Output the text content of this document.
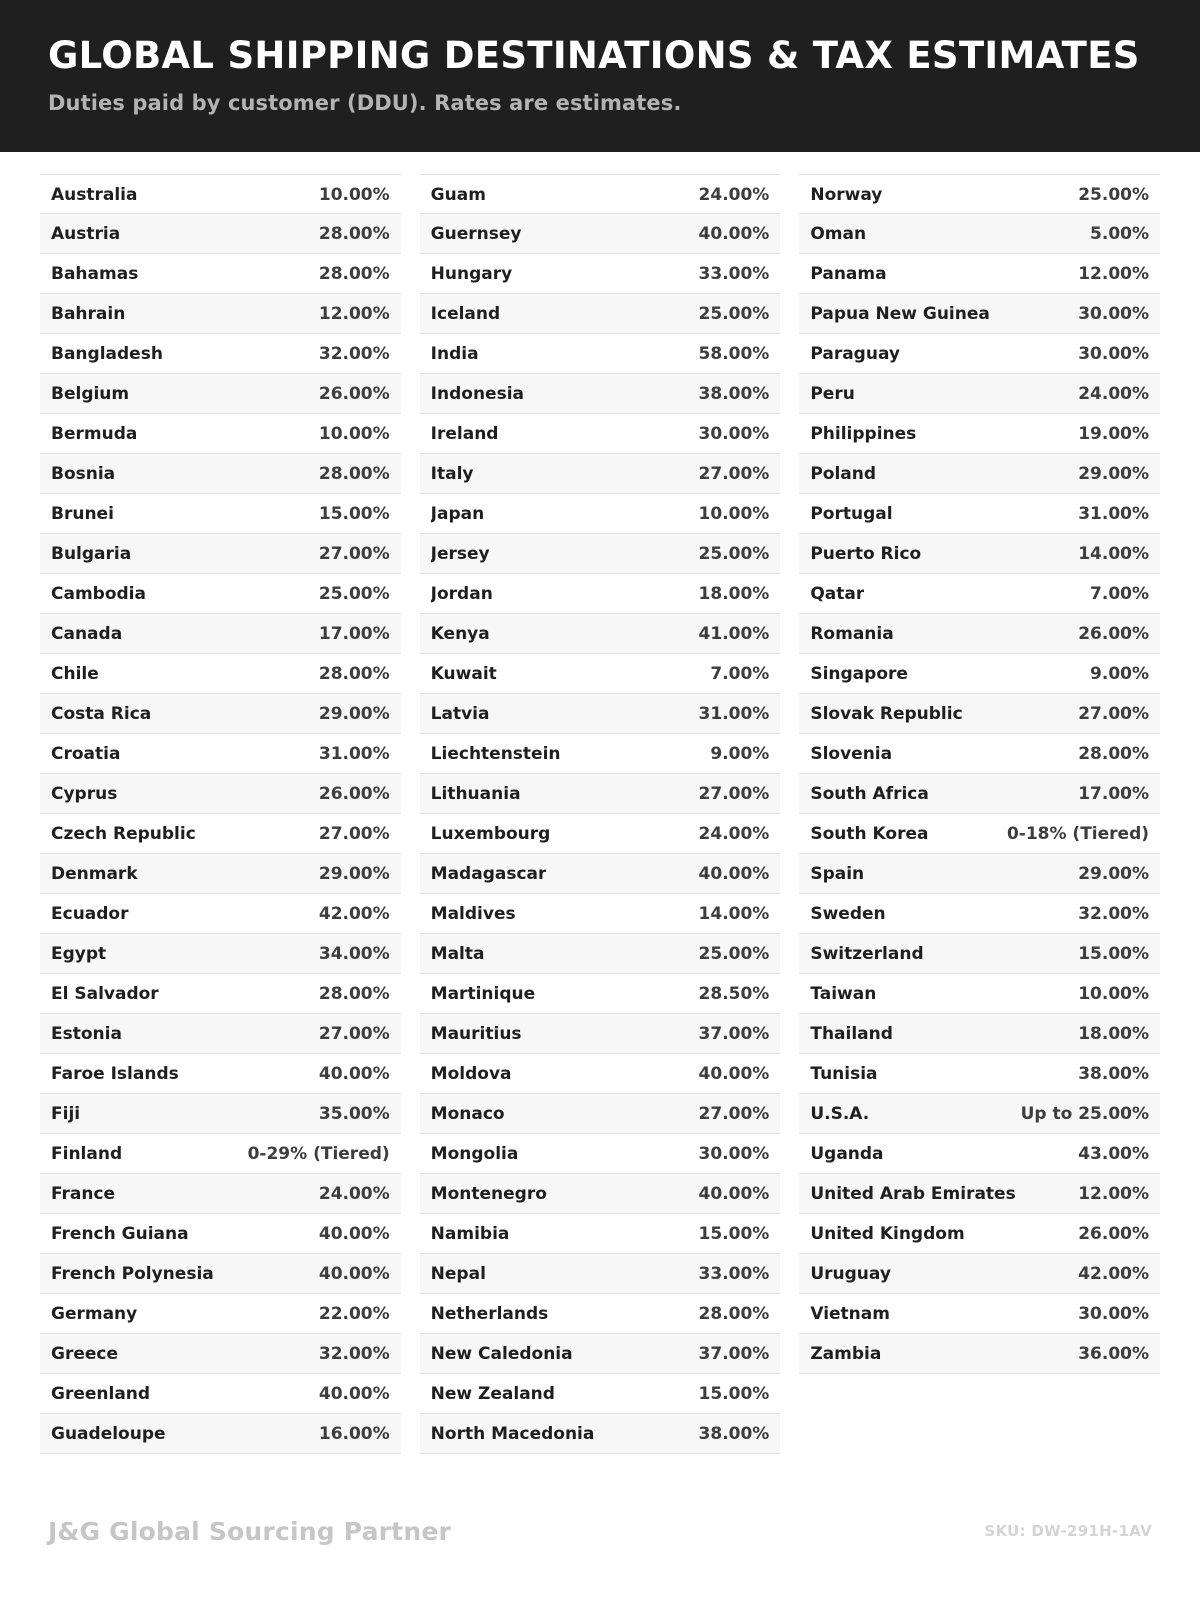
GLOBAL SHIPPING DESTINATIONS & TAX ESTIMATES
Duties paid by customer (DDU). Rates are estimates.
Australia	10.00%
Austria	28.00%
Bahamas	28.00%
Bahrain	12.00%
Bangladesh	32.00%
Belgium	26.00%
Bermuda	10.00%
Bosnia	28.00%
Brunei	15.00%
Bulgaria	27.00%
Cambodia	25.00%
Canada	17.00%
Chile	28.00%
Costa Rica	29.00%
Croatia	31.00%
Cyprus	26.00%
Czech Republic	27.00%
Denmark	29.00%
Ecuador	42.00%
Egypt	34.00%
El Salvador	28.00%
Estonia	27.00%
Faroe Islands	40.00%
Fiji	35.00%
Finland	0-29% (Tiered)
France	24.00%
French Guiana	40.00%
French Polynesia	40.00%
Germany	22.00%
Greece	32.00%
Greenland	40.00%
Guadeloupe	16.00%
Guam	24.00%
Guernsey	40.00%
Hungary	33.00%
Iceland	25.00%
India	58.00%
Indonesia	38.00%
Ireland	30.00%
Italy	27.00%
Japan	10.00%
Jersey	25.00%
Jordan	18.00%
Kenya	41.00%
Kuwait	7.00%
Latvia	31.00%
Liechtenstein	9.00%
Lithuania	27.00%
Luxembourg	24.00%
Madagascar	40.00%
Maldives	14.00%
Malta	25.00%
Martinique	28.50%
Mauritius	37.00%
Moldova	40.00%
Monaco	27.00%
Mongolia	30.00%
Montenegro	40.00%
Namibia	15.00%
Nepal	33.00%
Netherlands	28.00%
New Caledonia	37.00%
New Zealand	15.00%
North Macedonia	38.00%
Norway	25.00%
Oman	5.00%
Panama	12.00%
Papua New Guinea	30.00%
Paraguay	30.00%
Peru	24.00%
Philippines	19.00%
Poland	29.00%
Portugal	31.00%
Puerto Rico	14.00%
Qatar	7.00%
Romania	26.00%
Singapore	9.00%
Slovak Republic	27.00%
Slovenia	28.00%
South Africa	17.00%
South Korea	0-18% (Tiered)
Spain	29.00%
Sweden	32.00%
Switzerland	15.00%
Taiwan	10.00%
Thailand	18.00%
Tunisia	38.00%
U.S.A.	Up to 25.00%
Uganda	43.00%
United Arab Emirates	12.00%
United Kingdom	26.00%
Uruguay	42.00%
Vietnam	30.00%
Zambia	36.00%
J&G Global Sourcing Partner	SKU: DW-291H-1AV
